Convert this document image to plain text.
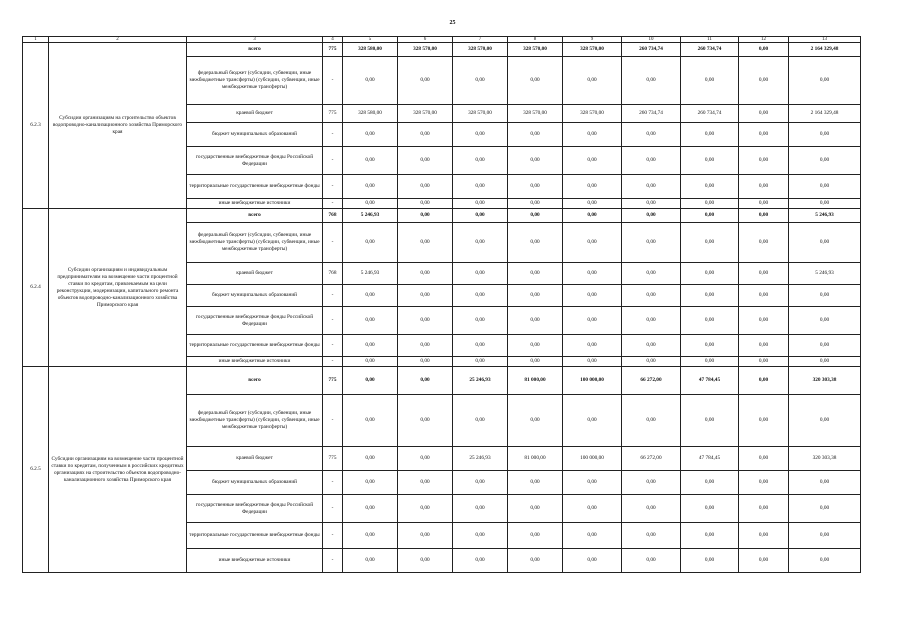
25
1	2	3	4	5	6	7	8	9	10	11	12	13
6.2.3	Субсидии организациям на строительство объектов водопроводно-канализационного хозяйства Приморского края	всего	775	328 580,00	328 570,00	328 570,00	328 570,00	328 570,00	260 734,74	260 734,74	0,00	2 164 329,48
		федеральный бюджет (субсидии, субвенции, иные межбюджетные трансферты) (субсидии, субвенции, иные межбюджетные трансферты)	-	0,00	0,00	0,00	0,00	0,00	0,00	0,00	0,00	0,00
		краевой бюджет	775	328 580,00	328 570,00	328 570,00	328 570,00	328 570,00	260 734,74	260 734,74	0,00	2 164 329,48
		бюджет муниципальных образований	-	0,00	0,00	0,00	0,00	0,00	0,00	0,00	0,00	0,00
		государственные внебюджетные фонды Российской Федерации	-	0,00	0,00	0,00	0,00	0,00	0,00	0,00	0,00	0,00
		территориальные государственные внебюджетные фонды	-	0,00	0,00	0,00	0,00	0,00	0,00	0,00	0,00	0,00
		иные внебюджетные источники	-	0,00	0,00	0,00	0,00	0,00	0,00	0,00	0,00	0,00
6.2.4	Субсидии организациям и индивидуальным предпринимателям на возмещение части процентной ставки по кредитам, привлекаемым на цели реконструкции, модернизации, капитального ремонта объектов водопроводно-канализационного хозяйства Приморского края	всего	768	5 246,93	0,00	0,00	0,00	0,00	0,00	0,00	0,00	5 246,93
		федеральный бюджет (субсидии, субвенции, иные межбюджетные трансферты) (субсидии, субвенции, иные межбюджетные трансферты)	-	0,00	0,00	0,00	0,00	0,00	0,00	0,00	0,00	0,00
		краевой бюджет	768	5 246,93	0,00	0,00	0,00	0,00	0,00	0,00	0,00	5 246,93
		бюджет муниципальных образований	-	0,00	0,00	0,00	0,00	0,00	0,00	0,00	0,00	0,00
		государственные внебюджетные фонды Российской Федерации	-	0,00	0,00	0,00	0,00	0,00	0,00	0,00	0,00	0,00
		территориальные государственные внебюджетные фонды	-	0,00	0,00	0,00	0,00	0,00	0,00	0,00	0,00	0,00
		иные внебюджетные источники	-	0,00	0,00	0,00	0,00	0,00	0,00	0,00	0,00	0,00
6.2.5	Субсидии организациям на возмещение части процентной ставки по кредитам, полученным в российских кредитных организациях на строительство объектов водопроводно-канализационного хозяйства Приморского края	всего	775	0,00	0,00	25 246,93	81 000,00	100 000,00	66 272,00	47 784,45	0,00	320 303,38
		федеральный бюджет (субсидии, субвенции, иные межбюджетные трансферты) (субсидии, субвенции, иные межбюджетные трансферты)	-	0,00	0,00	0,00	0,00	0,00	0,00	0,00	0,00	0,00
		краевой бюджет	775	0,00	0,00	25 246,93	81 000,00	100 000,00	66 272,00	47 784,45	0,00	320 303,38
		бюджет муниципальных образований	-	0,00	0,00	0,00	0,00	0,00	0,00	0,00	0,00	0,00
		государственные внебюджетные фонды Российской Федерации	-	0,00	0,00	0,00	0,00	0,00	0,00	0,00	0,00	0,00
		территориальные государственные внебюджетные фонды	-	0,00	0,00	0,00	0,00	0,00	0,00	0,00	0,00	0,00
		иные внебюджетные источники	-	0,00	0,00	0,00	0,00	0,00	0,00	0,00	0,00	0,00
